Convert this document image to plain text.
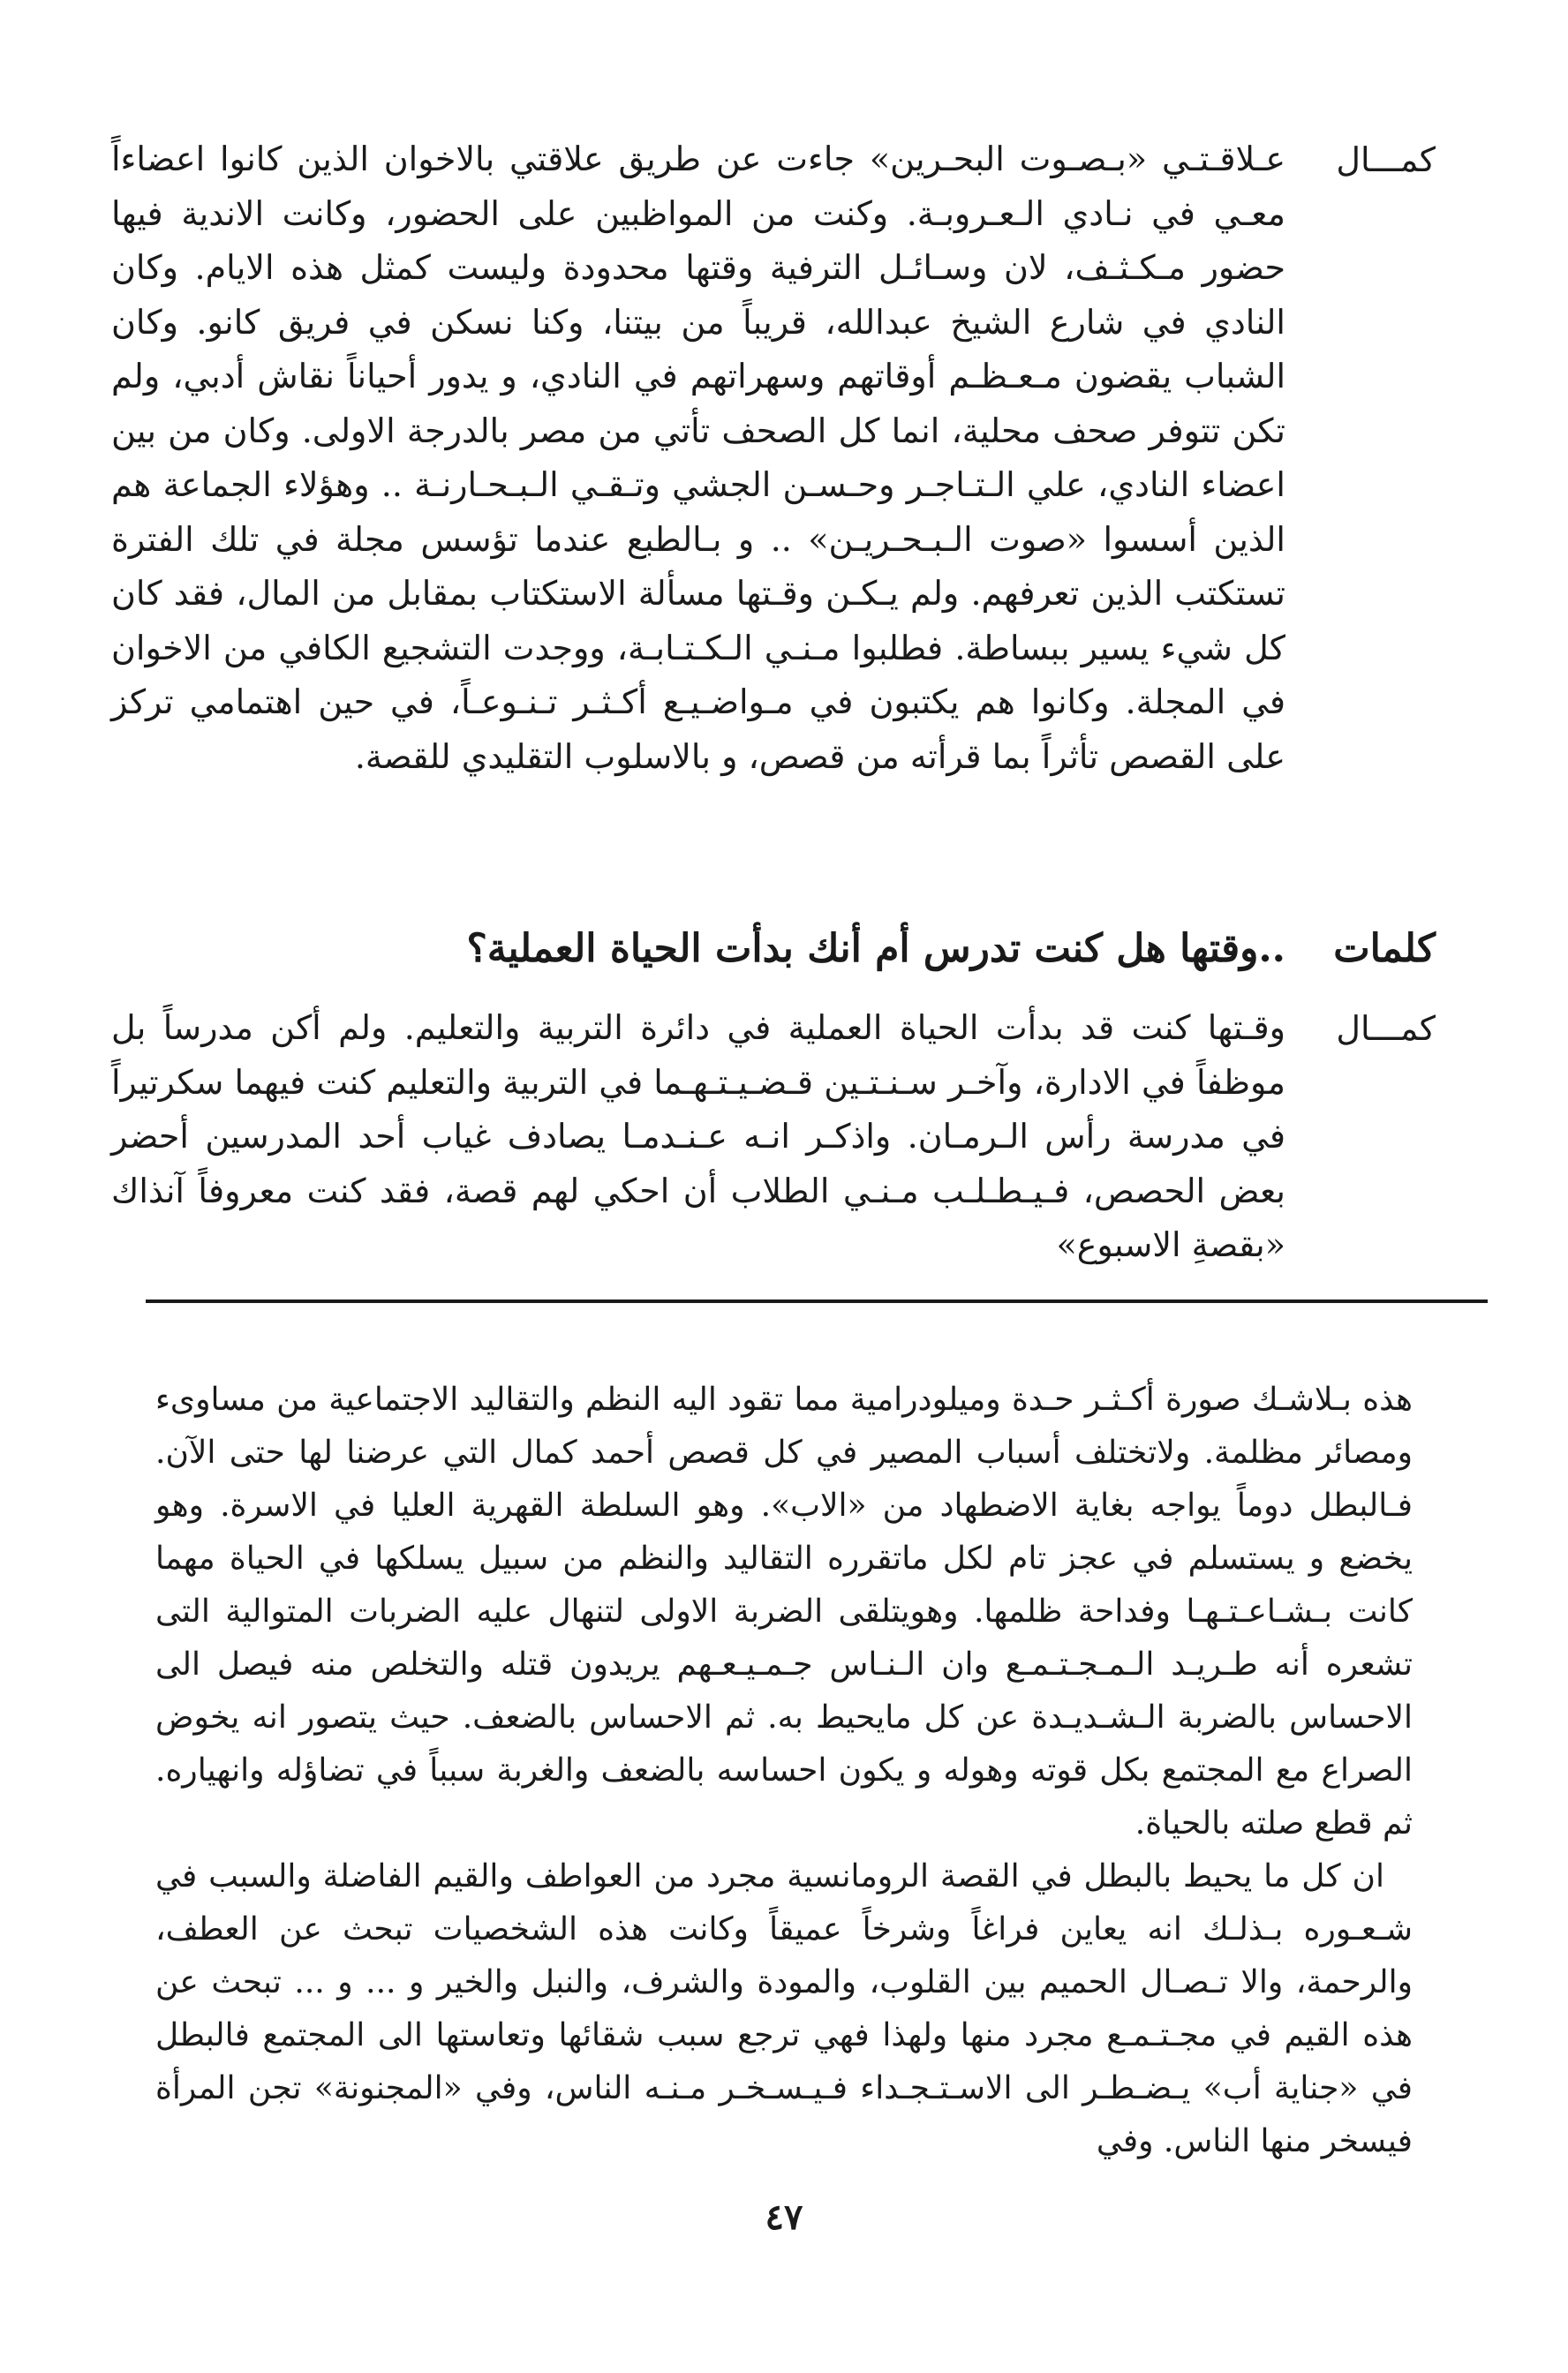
كمـــال
عـلاقـتـي «بـصـوت البحـرين» جاءت عن طريق علاقتي بالاخوان الذين كانوا اعضاءاً معـي في نـادي الـعـروبـة. وكنت من المواظبين على الحضور، وكانت الاندية فيها حضور مـكـثـف، لان وسـائـل الترفية وقتها محدودة وليست كمثل هذه الايام. وكان النادي في شارع الشيخ عبدالله، قريباً من بيتنا، وكنا نسكن في فريق كانو. وكان الشباب يقضون مـعـظـم أوقاتهم وسهراتهم في النادي، و يدور أحياناً نقاش أدبي، ولم تكن تتوفر صحف محلية، انما كل الصحف تأتي من مصر بالدرجة الاولى. وكان من بين اعضاء النادي، علي الـتـاجـر وحـسـن الجشي وتـقـي الـبـحـارنـة .. وهؤلاء الجماعة هم الذين أسسوا «صوت الـبـحـريـن» .. و بـالطبع عندما تؤسس مجلة في تلك الفترة تستكتب الذين تعرفهم. ولم يـكـن وقـتها مسألة الاستكتاب بمقابل من المال، فقد كان كل شيء يسير ببساطة. فطلبوا مـنـي الـكـتـابـة، ووجدت التشجيع الكافي من الاخوان في المجلة. وكانوا هم يكتبون في مـواضـيـع أكـثـر تـنـوعـاً، في حين اهتمامي تركز على القصص تأثراً بما قرأته من قصص، و بالاسلوب التقليدي للقصة.
كلمات
..وقتها هل كنت تدرس أم أنك بدأت الحياة العملية؟
كمـــال
وقـتها كنت قد بدأت الحياة العملية في دائرة التربية والتعليم. ولم أكن مدرساً بل موظفاً في الادارة، وآخـر سـنـتـين قـضـيـتـهـما في التربية والتعليم كنت فيهما سكرتيراً في مدرسة رأس الـرمـان. واذكـر انـه عـنـدمـا يصادف غياب أحد المدرسين أحضر بعض الحصص، فـيـطـلـب مـنـي الطلاب أن احكي لهم قصة، فقد كنت معروفاً آنذاك «بقصةِ الاسبوع»

هذه بـلاشـك صورة أكـثـر حـدة وميلودرامية مما تقود اليه النظم والتقاليد الاجتماعية من مساوىء ومصائر مظلمة. ولاتختلف أسباب المصير في كل قصص أحمد كمال التي عرضنا لها حتى الآن. فـالبطل دوماً يواجه بغاية الاضطهاد من «الاب». وهو السلطة القهرية العليا في الاسرة. وهو يخضع و يستسلم في عجز تام لكل ماتقرره التقاليد والنظم من سبيل يسلكها في الحياة مهما كانت بـشـاعـتـهـا وفداحة ظلمها. وهويتلقى الضربة الاولى لتنهال عليه الضربات المتوالية التى تشعره أنه طـريـد الـمـجـتـمـع وان الـنـاس جـمـيـعـهم يريدون قتله والتخلص منه فيصل الى الاحساس بالضربة الـشـديـدة عن كل مايحيط به. ثم الاحساس بالضعف. حيث يتصور انه يخوض الصراع مع المجتمع بكل قوته وهوله و يكون احساسه بالضعف والغربة سبباً في تضاؤله وانهياره. ثم قطع صلته بالحياة.

ان كل ما يحيط بالبطل في القصة الرومانسية مجرد من العواطف والقيم الفاضلة والسبب في شـعـوره بـذلـك انه يعاين فراغاً وشرخاً عميقاً وكانت هذه الشخصيات تبحث عن العطف، والرحمة، والا تـصـال الحميم بين القلوب، والمودة والشرف، والنبل والخير و ... و ... تبحث عن هذه القيم في مجـتـمـع مجرد منها ولهذا فهي ترجع سبب شقائها وتعاستها الى المجتمع فالبطل في «جناية أب» يـضـطـر الى الاسـتـجـداء فـيـسـخـر مـنـه الناس، وفي «المجنونة» تجن المرأة فيسخر منها الناس. وفي

٤٧
